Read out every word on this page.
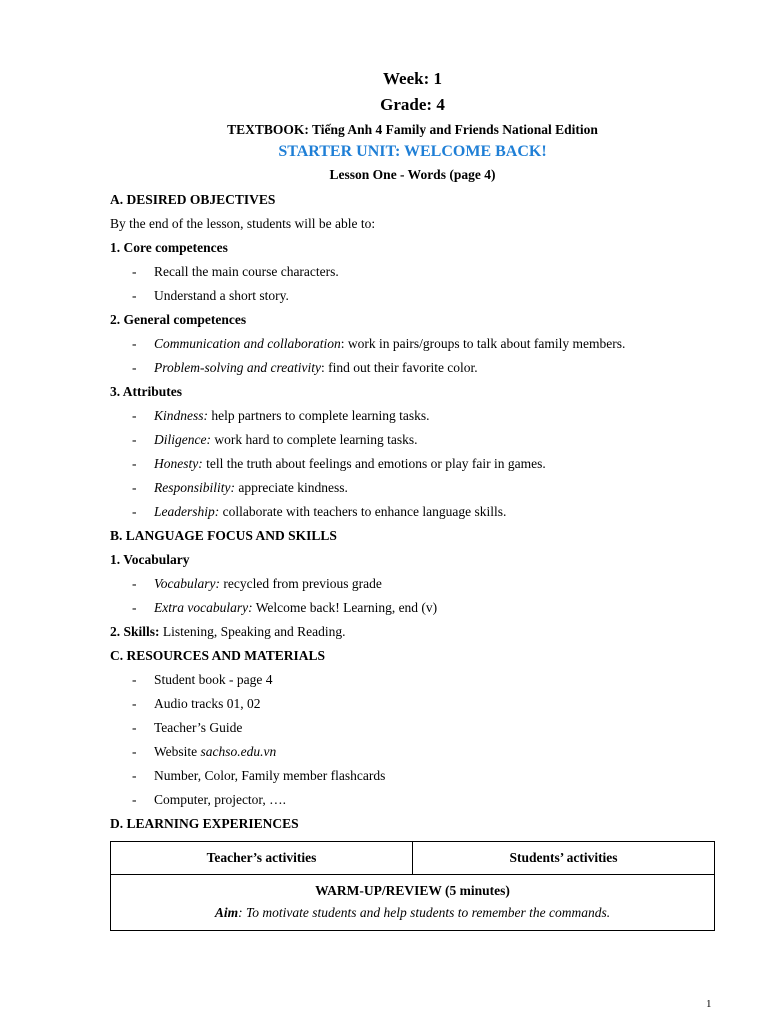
Week: 1
Grade: 4
TEXTBOOK: Tiếng Anh 4 Family and Friends National Edition
STARTER UNIT: WELCOME BACK!
Lesson One - Words (page 4)
A. DESIRED OBJECTIVES
By the end of the lesson, students will be able to:
1. Core competences
-	Recall the main course characters.
-	Understand a short story.
2. General competences
-	Communication and collaboration: work in pairs/groups to talk about family members.
-	Problem-solving and creativity: find out their favorite color.
3. Attributes
-	Kindness: help partners to complete learning tasks.
-	Diligence: work hard to complete learning tasks.
-	Honesty: tell the truth about feelings and emotions or play fair in games.
-	Responsibility: appreciate kindness.
-	Leadership: collaborate with teachers to enhance language skills.
B. LANGUAGE FOCUS AND SKILLS
1. Vocabulary
-	Vocabulary: recycled from previous grade
-	Extra vocabulary: Welcome back! Learning, end (v)
2. Skills: Listening, Speaking and Reading.
C. RESOURCES AND MATERIALS
-	Student book - page 4
-	Audio tracks 01, 02
-	Teacher’s Guide
-	Website sachso.edu.vn
-	Number, Color, Family member flashcards
-	Computer, projector, ….
D. LEARNING EXPERIENCES
Teacher’s activities	Students’ activities

WARM-UP/REVIEW (5 minutes)
Aim: To motivate students and help students to remember the commands.
1
